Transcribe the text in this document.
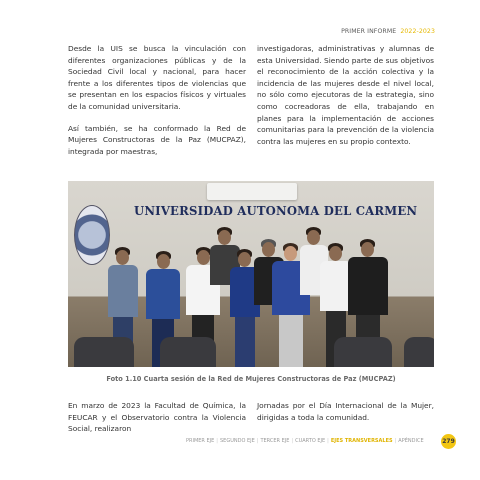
PRIMER INFORME 2022-2023

Desde la UIS se busca la vinculación con diferentes organizaciones públicas y de la Sociedad Civil local y nacional, para hacer frente a los diferentes tipos de violencias que se presentan en los espacios físicos y virtuales de la comunidad universitaria.

Así también, se ha conformado la Red de Mujeres Constructoras de la Paz (MUCPAZ), integrada por maestras,

investigadoras, administrativas y alumnas de esta Universidad. Siendo parte de sus objetivos el reconocimiento de la acción colectiva y la incidencia de las mujeres desde el nivel local, no sólo como ejecutoras de la estrategia, sino como cocreadoras de ella, trabajando en planes para la implementación de acciones comunitarias para la prevención de la violencia contra las mujeres en su propio contexto.

UNIVERSIDAD AUTONOMA DEL CARMEN
Foto 1.10 Cuarta sesión de la Red de Mujeres Constructoras de Paz (MUCPAZ)

En marzo de 2023 la Facultad de Química, la FEUCAR y el Observatorio contra la Violencia Social, realizaron

Jornadas por el Día Internacional de la Mujer, dirigidas a toda la comunidad.

PRIMER EJE | SEGUNDO EJE | TERCER EJE | CUARTO EJE | EJES TRANSVERSALES | APÉNDICE	279
